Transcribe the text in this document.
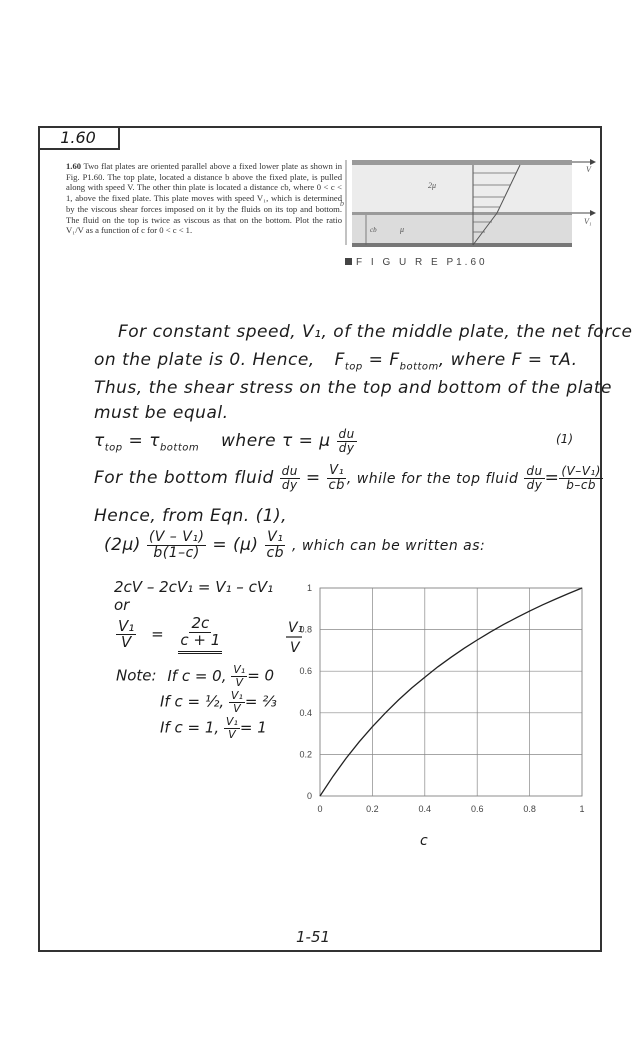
1.60
1.60 Two flat plates are oriented parallel above a fixed lower plate as shown in Fig. P1.60. The top plate, located a distance b above the fixed plate, is pulled along with speed V. The other thin plate is located a distance cb, where 0 < c < 1, above the fixed plate. This plate moves with speed V₁, which is determined by the viscous shear forces imposed on it by the fluids on its top and bottom. The fluid on the top is twice as viscous as that on the bottom. Plot the ratio V₁/V as a function of c for 0 < c < 1.
2μ
μ
b
cb
V
V₁
F I G U R E P1.60
For constant speed, V₁, of the middle plate, the net force
on the plate is 0. Hence, $F_{top} = F_{bottom}$, where F = τA.
Thus, the shear stress on the top and bottom of the plate
must be equal.
$\tau_{top} = \tau_{bottom}$ where τ = μ $\frac{du}{dy}$	(1)
For the bottom fluid $\frac{du}{dy} = \frac{\text{V₁}}{cb}$ , while for the top fluid $\frac{du}{dy} = \frac{\text{(V–V₁)}}{b-cb}$
Hence, from Eqn. (1),
$(2\mu) \frac{\text{(V – V₁)}}{b(1-c)} = (\mu) \frac{\text{V₁}}{cb}$ , which can be written as:
2cV – 2cV₁ = V₁ – cV₁
or
$\frac{\text{V₁}}{V} = \frac{2c}{c + 1}$
Note: If c = 0, $\frac{\text{V₁}}{V} = 0$
If c = ½, $\frac{\text{V₁}}{V}$ = ⅔
If c = 1, $\frac{\text{V₁}}{V} = 1$
V₁
V
c
0	0.2	0.4	0.6	0.8	1
0
0.2
0.4
0.6
0.8
1
1-51
